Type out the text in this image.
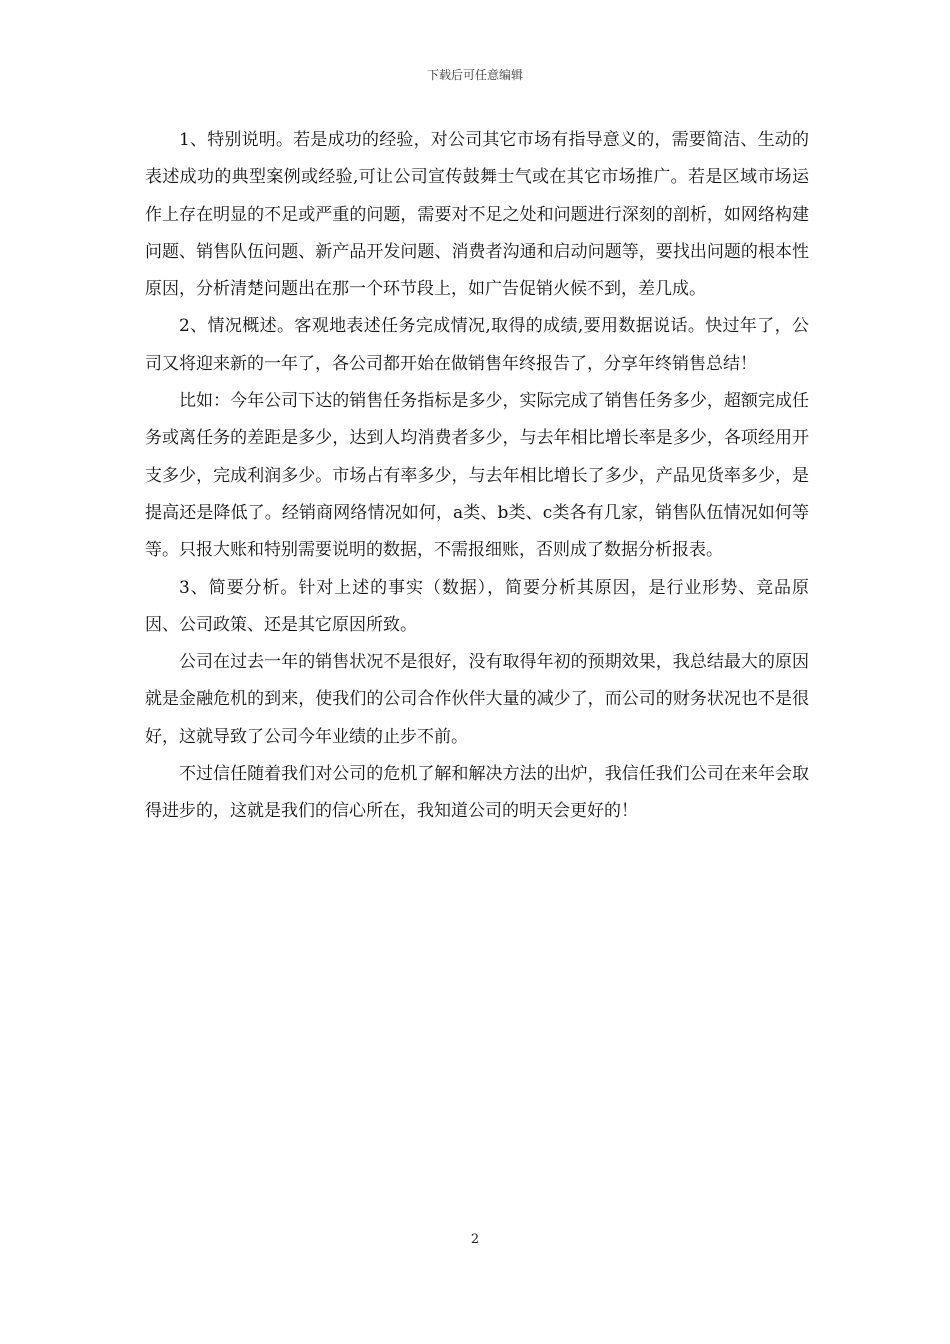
下载后可任意编辑

1、特别说明。若是成功的经验，对公司其它市场有指导意义的，需要简洁、生动的表述成功的典型案例或经验,可让公司宣传鼓舞士气或在其它市场推广。若是区域市场运作上存在明显的不足或严重的问题，需要对不足之处和问题进行深刻的剖析，如网络构建问题、销售队伍问题、新产品开发问题、消费者沟通和启动问题等，要找出问题的根本性原因，分析清楚问题出在那一个环节段上，如广告促销火候不到，差几成。

2、情况概述。客观地表述任务完成情况,取得的成绩,要用数据说话。快过年了，公司又将迎来新的一年了，各公司都开始在做销售年终报告了，分享年终销售总结！

比如：今年公司下达的销售任务指标是多少，实际完成了销售任务多少，超额完成任务或离任务的差距是多少，达到人均消费者多少，与去年相比增长率是多少，各项经用开支多少，完成利润多少。市场占有率多少，与去年相比增长了多少，产品见货率多少，是提高还是降低了。经销商网络情况如何，a类、b类、c类各有几家，销售队伍情况如何等等。只报大账和特别需要说明的数据，不需报细账，否则成了数据分析报表。

3、简要分析。针对上述的事实（数据），简要分析其原因，是行业形势、竞品原因、公司政策、还是其它原因所致。

公司在过去一年的销售状况不是很好，没有取得年初的预期效果，我总结最大的原因就是金融危机的到来，使我们的公司合作伙伴大量的减少了，而公司的财务状况也不是很好，这就导致了公司今年业绩的止步不前。

不过信任随着我们对公司的危机了解和解决方法的出炉，我信任我们公司在来年会取得进步的，这就是我们的信心所在，我知道公司的明天会更好的！

2
